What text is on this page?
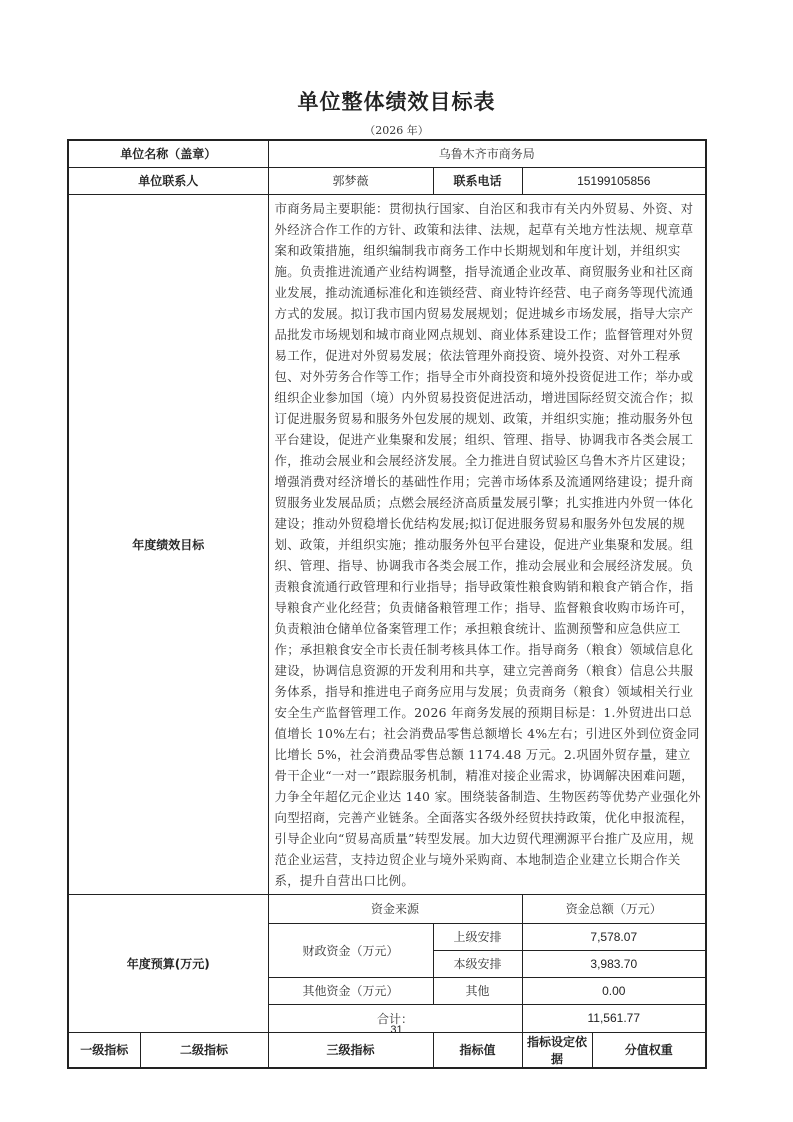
单位整体绩效目标表
（2026 年）
单位名称（盖章）		乌鲁木齐市商务局			
单位联系人		郭梦薇	联系电话	15199105856	
年度绩效目标		市商务局主要职能：贯彻执行国家、自治区和我市有关内外贸易、外资、对外经济合作工作的方针、政策和法律、法规，起草有关地方性法规、规章草案和政策措施，组织编制我市商务工作中长期规划和年度计划，并组织实施。负责推进流通产业结构调整，指导流通企业改革、商贸服务业和社区商业发展，推动流通标准化和连锁经营、商业特许经营、电子商务等现代流通方式的发展。拟订我市国内贸易发展规划；促进城乡市场发展，指导大宗产品批发市场规划和城市商业网点规划、商业体系建设工作；监督管理对外贸易工作，促进对外贸易发展；依法管理外商投资、境外投资、对外工程承包、对外劳务合作等工作；指导全市外商投资和境外投资促进工作；举办或组织企业参加国（境）内外贸易投资促进活动，增进国际经贸交流合作；拟订促进服务贸易和服务外包发展的规划、政策，并组织实施；推动服务外包平台建设，促进产业集聚和发展；组织、管理、指导、协调我市各类会展工作，推动会展业和会展经济发展。全力推进自贸试验区乌鲁木齐片区建设；增强消费对经济增长的基础性作用；完善市场体系及流通网络建设；提升商贸服务业发展品质；点燃会展经济高质量发展引擎；扎实推进内外贸一体化建设；推动外贸稳增长优结构发展;拟订促进服务贸易和服务外包发展的规划、政策，并组织实施；推动服务外包平台建设，促进产业集聚和发展。组织、管理、指导、协调我市各类会展工作，推动会展业和会展经济发展。负责粮食流通行政管理和行业指导；指导政策性粮食购销和粮食产销合作，指导粮食产业化经营；负责储备粮管理工作；指导、监督粮食收购市场许可，负责粮油仓储单位备案管理工作；承担粮食统计、监测预警和应急供应工作；承担粮食安全市长责任制考核具体工作。指导商务（粮食）领域信息化建设，协调信息资源的开发利用和共享，建立完善商务（粮食）信息公共服务体系，指导和推进电子商务应用与发展；负责商务（粮食）领域相关行业安全生产监督管理工作。2026 年商务发展的预期目标是：1.外贸进出口总值增长 10%左右；社会消费品零售总额增长 4%左右；引进区外到位资金同比增长 5%，社会消费品零售总额 1174.48 万元。2.巩固外贸存量，建立骨干企业“一对一”跟踪服务机制，精准对接企业需求，协调解决困难问题，力争全年超亿元企业达 140 家。围绕装备制造、生物医药等优势产业强化外向型招商，完善产业链条。全面落实各级外经贸扶持政策，优化申报流程，引导企业向“贸易高质量”转型发展。加大边贸代理溯源平台推广及应用，规范企业运营，支持边贸企业与境外采购商、本地制造企业建立长期合作关系，提升自营出口比例。			
年度预算(万元)		资金来源		资金总额（万元）	
		财政资金（万元）	上级安排	7,578.07	
			本级安排	3,983.70	
		其他资金（万元）	其他	0.00	
		合计：		11,561.77	
一级指标	二级指标	三级指标	指标值	指标设定依据	分值权重
31
